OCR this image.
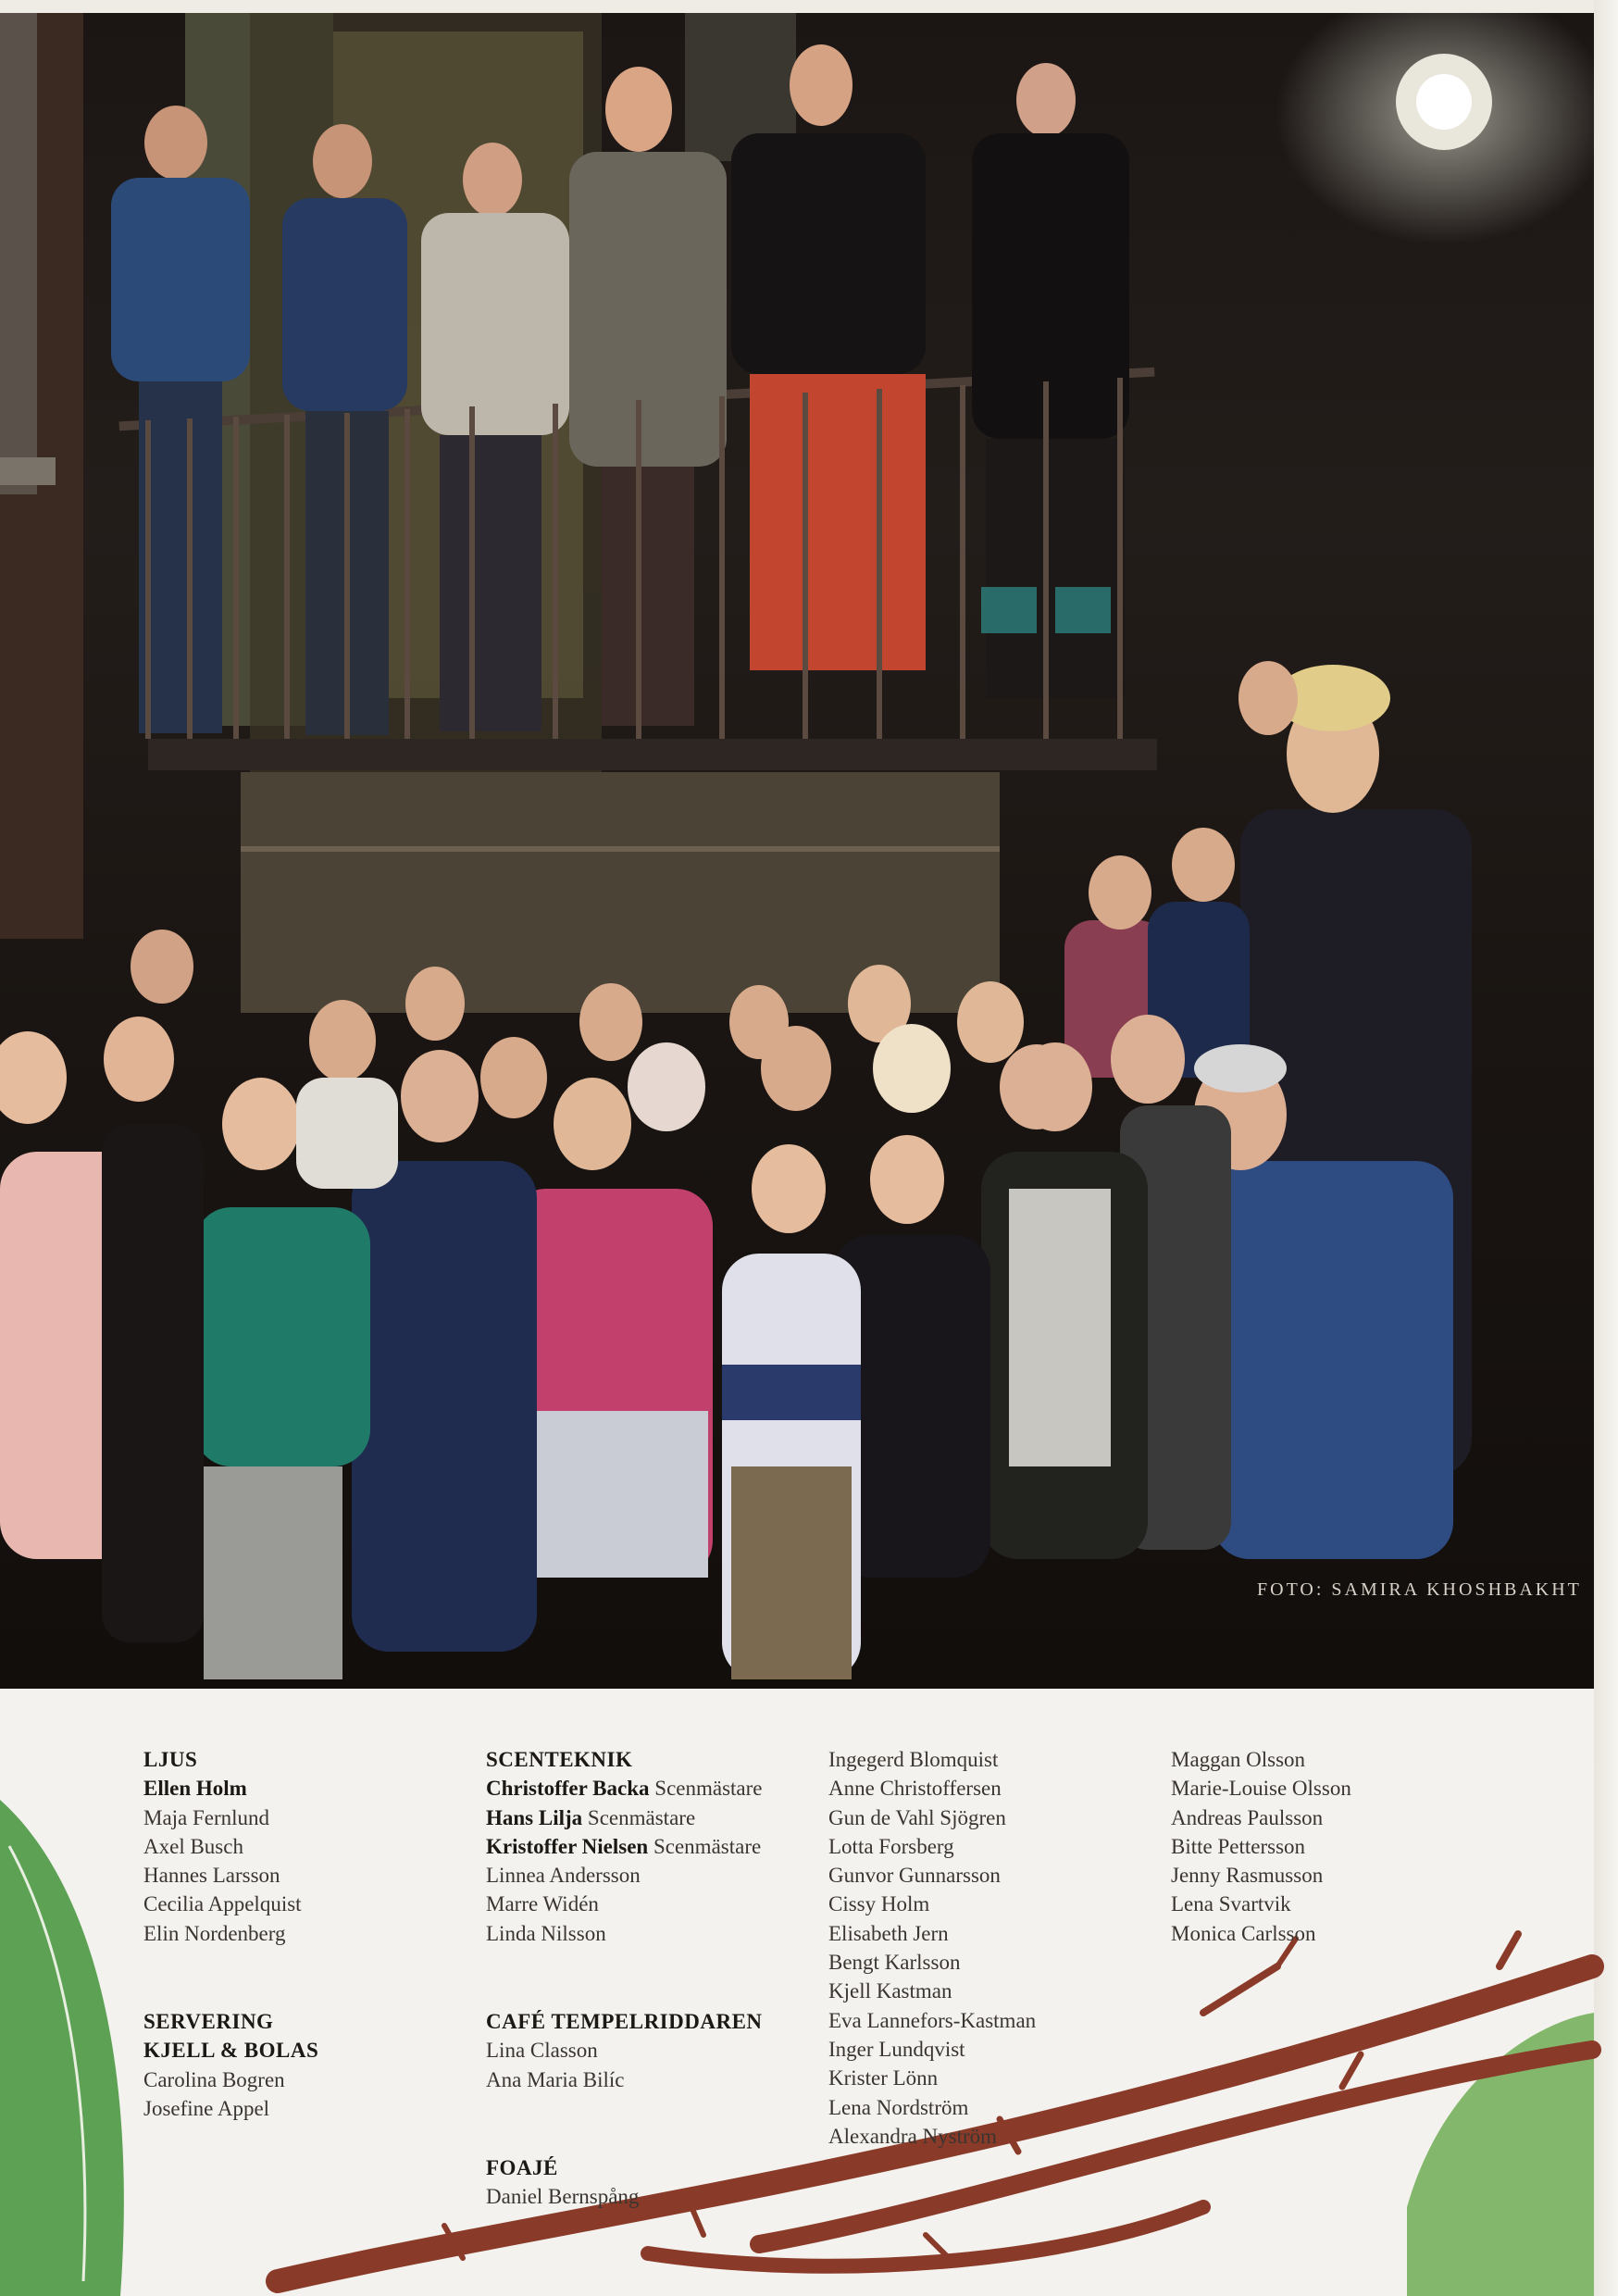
FOTO: SAMIRA KHOSHBAKHT
LJUS
Ellen Holm
Maja Fernlund
Axel Busch
Hannes Larsson
Cecilia Appelquist
Elin Nordenberg
SERVERING
KJELL & BOLAS
Carolina Bogren
Josefine Appel
SCENTEKNIK
Christoffer Backa Scenmästare
Hans Lilja Scenmästare
Kristoffer Nielsen Scenmästare
Linnea Andersson
Marre Widén
Linda Nilsson
CAFÉ TEMPELRIDDAREN
Lina Classon
Ana Maria Bilíc
FOAJÉ
Daniel Bernspång
Ingegerd Blomquist
Anne Christoffersen
Gun de Vahl Sjögren
Lotta Forsberg
Gunvor Gunnarsson
Cissy Holm
Elisabeth Jern
Bengt Karlsson
Kjell Kastman
Eva Lannefors-Kastman
Inger Lundqvist
Krister Lönn
Lena Nordström
Alexandra Nyström
Maggan Olsson
Marie-Louise Olsson
Andreas Paulsson
Bitte Pettersson
Jenny Rasmusson
Lena Svartvik
Monica Carlsson
